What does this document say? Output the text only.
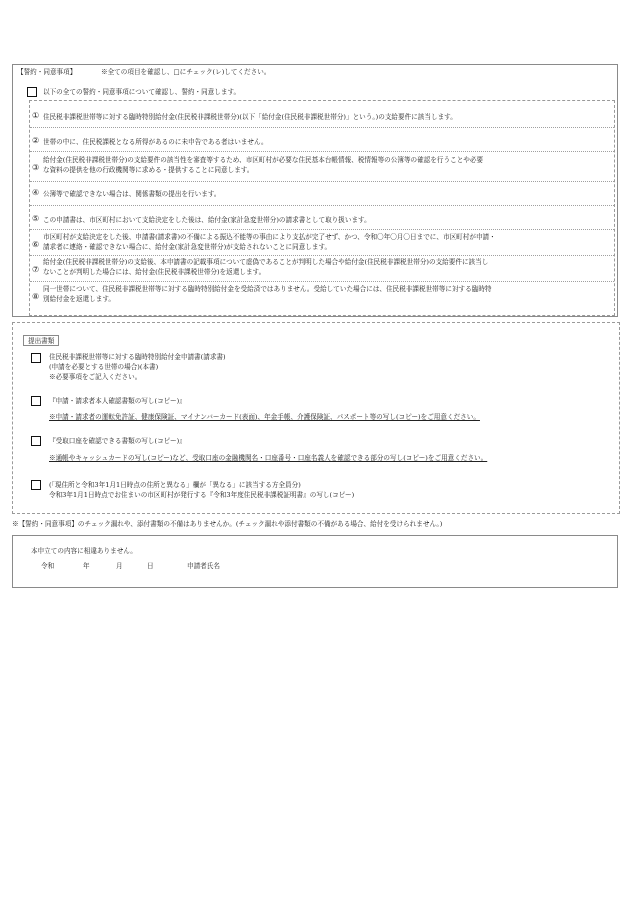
【誓約・同意事項】	※全ての項目を確認し、□にチェック(レ)してください。
以下の全ての誓約・同意事項について確認し、誓約・同意します。
① 住民税非課税世帯等に対する臨時特別給付金(住民税非課税世帯分)(以下「給付金(住民税非課税世帯分)」という。)の支給要件に該当します。
② 世帯の中に、住民税課税となる所得があるのに未申告である者はいません。
③
給付金(住民税非課税世帯分)の支給要件の該当性を審査等するため、市区町村が必要な住民基本台帳情報、税情報等の公簿等の確認を行うことや必要
な資料の提供を他の行政機関等に求める・提供することに同意します。
④ 公簿等で確認できない場合は、関係書類の提出を行います。
⑤ この申請書は、市区町村において支給決定をした後は、給付金(家計急変世帯分)の請求書として取り扱います。
⑥
市区町村が支給決定をした後、申請書(請求書)の不備による振込不能等の事由により支払が完了せず、かつ、令和〇年〇月〇日までに、市区町村が申請・
請求者に連絡・確認できない場合に、給付金(家計急変世帯分)が支給されないことに同意します。
⑦
給付金(住民税非課税世帯分)の支給後、本申請書の記載事項について虚偽であることが判明した場合や給付金(住民税非課税世帯分)の支給要件に該当し
ないことが判明した場合には、給付金(住民税非課税世帯分)を返還します。
⑧
同一世帯について、住民税非課税世帯等に対する臨時特別給付金を受給済ではありません。受給していた場合には、住民税非課税世帯等に対する臨時特
別給付金を返還します。
提出書類
住民税非課税世帯等に対する臨時特別給付金申請書(請求書)
(申請を必要とする世帯の場合)(本書)
※必要事項をご記入ください。
『申請・請求者本人確認書類の写し(コピー)』
※申請・請求者の運転免許証、健康保険証、マイナンバーカード(表面)、年金手帳、介護保険証、パスポート等の写し(コピー)をご用意ください。
『受取口座を確認できる書類の写し(コピー)』
※通帳やキャッシュカードの写し(コピー)など、受取口座の金融機関名・口座番号・口座名義人を確認できる部分の写し(コピー)をご用意ください。
(「現住所と令和3年1月1日時点の住所と異なる」欄が「異なる」に該当する方全員分)
令和3年1月1日時点でお住まいの市区町村が発行する『令和3年度住民税非課税証明書』の写し(コピー)
※【誓約・同意事項】のチェック漏れや、添付書類の不備はありませんか。(チェック漏れや添付書類の不備がある場合、給付を受けられません。)
本申立ての内容に相違ありません。
令和	年	月	日	申請者氏名
